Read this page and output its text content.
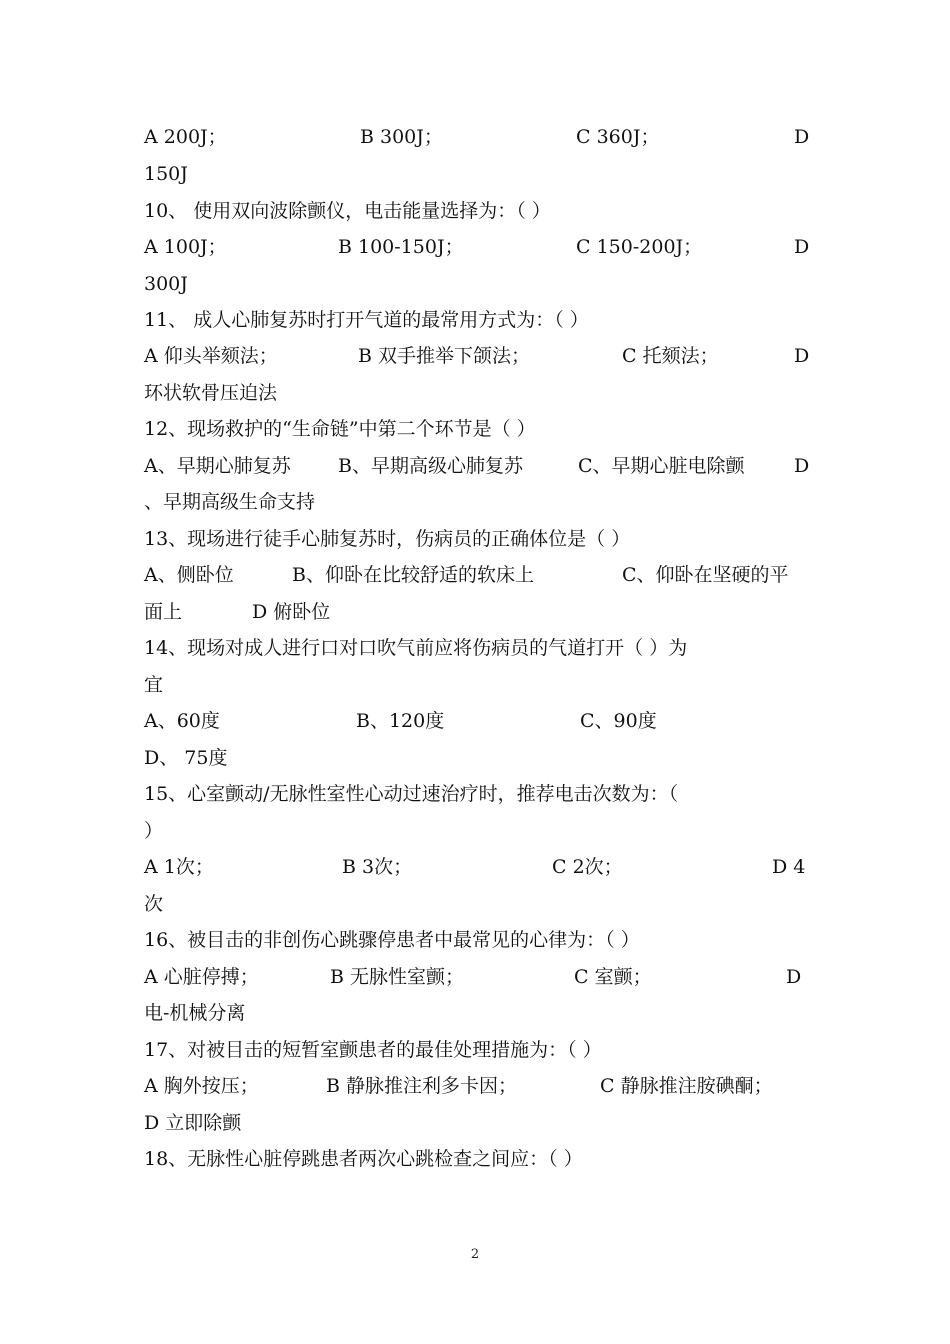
A 200J；	B 300J；	C 360J；	D
150J
10、 使用双向波除颤仪，电击能量选择为：（ ）
A 100J；	B 100-150J；	C 150-200J；	D
300J
11、 成人心肺复苏时打开气道的最常用方式为：（ ）
A 仰头举颏法；	B 双手推举下颌法；	C 托颏法；	D
环状软骨压迫法
12、现场救护的“生命链”中第二个环节是（ ）
A、早期心肺复苏 B、早期高级心肺复苏	C、早期心脏电除颤	D
、早期高级生命支持
13、现场进行徒手心肺复苏时，伤病员的正确体位是（ ）
A、侧卧位	B、仰卧在比较舒适的软床上	C、仰卧在坚硬的平
面上	D 俯卧位
14、现场对成人进行口对口吹气前应将伤病员的气道打开（ ）为
宜
A、60度	B、120度	C、90度
D、 75度
15、心室颤动/无脉性室性心动过速治疗时，推荐电击次数为：（
）
A 1次；	B 3次；	C 2次；	D 4
次
16、被目击的非创伤心跳骤停患者中最常见的心律为：（ ）
A 心脏停搏；	B 无脉性室颤；	C 室颤；	D
电-机械分离
17、对被目击的短暂室颤患者的最佳处理措施为：（ ）
A 胸外按压；	B 静脉推注利多卡因；	C 静脉推注胺碘酮；
D 立即除颤
18、无脉性心脏停跳患者两次心跳检查之间应：（ ）
2
